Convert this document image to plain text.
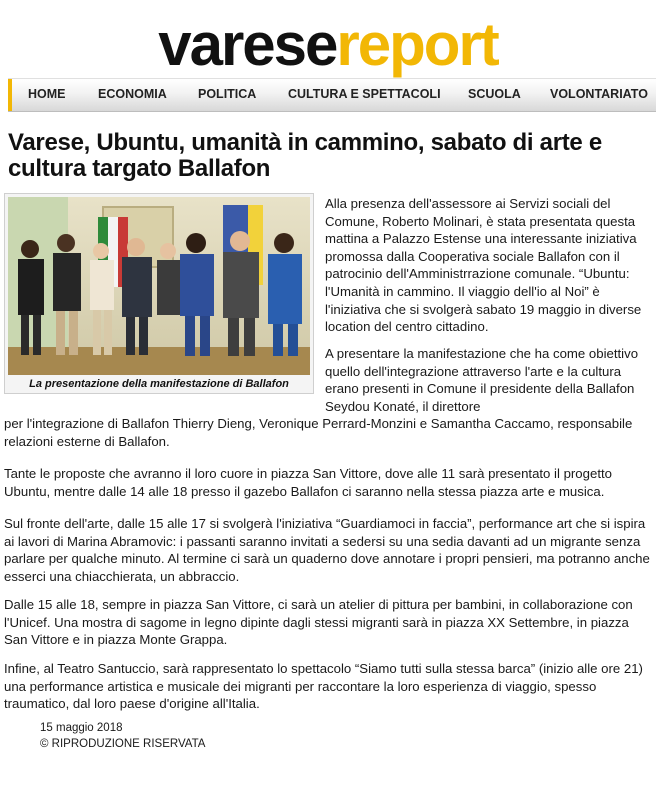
varesereport
HOME	ECONOMIA	POLITICA	CULTURA E SPETTACOLI SCUOLA VOLONTARIATO
Varese, Ubuntu, umanità in cammino, sabato di arte e cultura targato Ballafon
La presentazione della manifestazione di Ballafon

Alla presenza dell'assessore ai Servizi sociali del Comune, Roberto Molinari, è stata presentata questa mattina a Palazzo Estense una interessante iniziativa promossa dalla Cooperativa sociale Ballafon con il patrocinio dell'Amministrrazione comunale. “Ubuntu: l'Umanità in cammino. Il viaggio dell'io al Noi” è l'iniziativa che si svolgerà sabato 19 maggio in diverse location del centro cittadino.

A presentare la manifestazione che ha come obiettivo quello dell'integrazione attraverso l'arte e la cultura erano presenti in Comune il presidente della Ballafon Seydou Konaté, il direttore

per l'integrazione di Ballafon Thierry Dieng, Veronique Perrard-Monzini e Samantha Caccamo, responsabile relazioni esterne di Ballafon.

Tante le proposte che avranno il loro cuore in piazza San Vittore, dove alle 11 sarà presentato il progetto Ubuntu, mentre dalle 14 alle 18 presso il gazebo Ballafon ci saranno nella stessa piazza arte e musica.

Sul fronte dell'arte, dalle 15 alle 17 si svolgerà l'iniziativa “Guardiamoci in faccia”, performance art che si ispira ai lavori di Marina Abramovic: i passanti saranno invitati a sedersi su una sedia davanti ad un migrante senza parlare per qualche minuto. Al termine ci sarà un quaderno dove annotare i propri pensieri, ma potranno anche esserci una chiacchierata, un abbraccio.

Dalle 15 alle 18, sempre in piazza San Vittore, ci sarà un atelier di pittura per bambini, in collaborazione con l'Unicef. Una mostra di sagome in legno dipinte dagli stessi migranti sarà in piazza XX Settembre, in piazza San Vittore e in piazza Monte Grappa.

Infine, al Teatro Santuccio, sarà rappresentato lo spettacolo “Siamo tutti sulla stessa barca” (inizio alle ore 21) una performance artistica e musicale dei migranti per raccontare la loro esperienza di viaggio, spesso traumatico, dal loro paese d'origine all'Italia.

15 maggio 2018
© RIPRODUZIONE RISERVATA
